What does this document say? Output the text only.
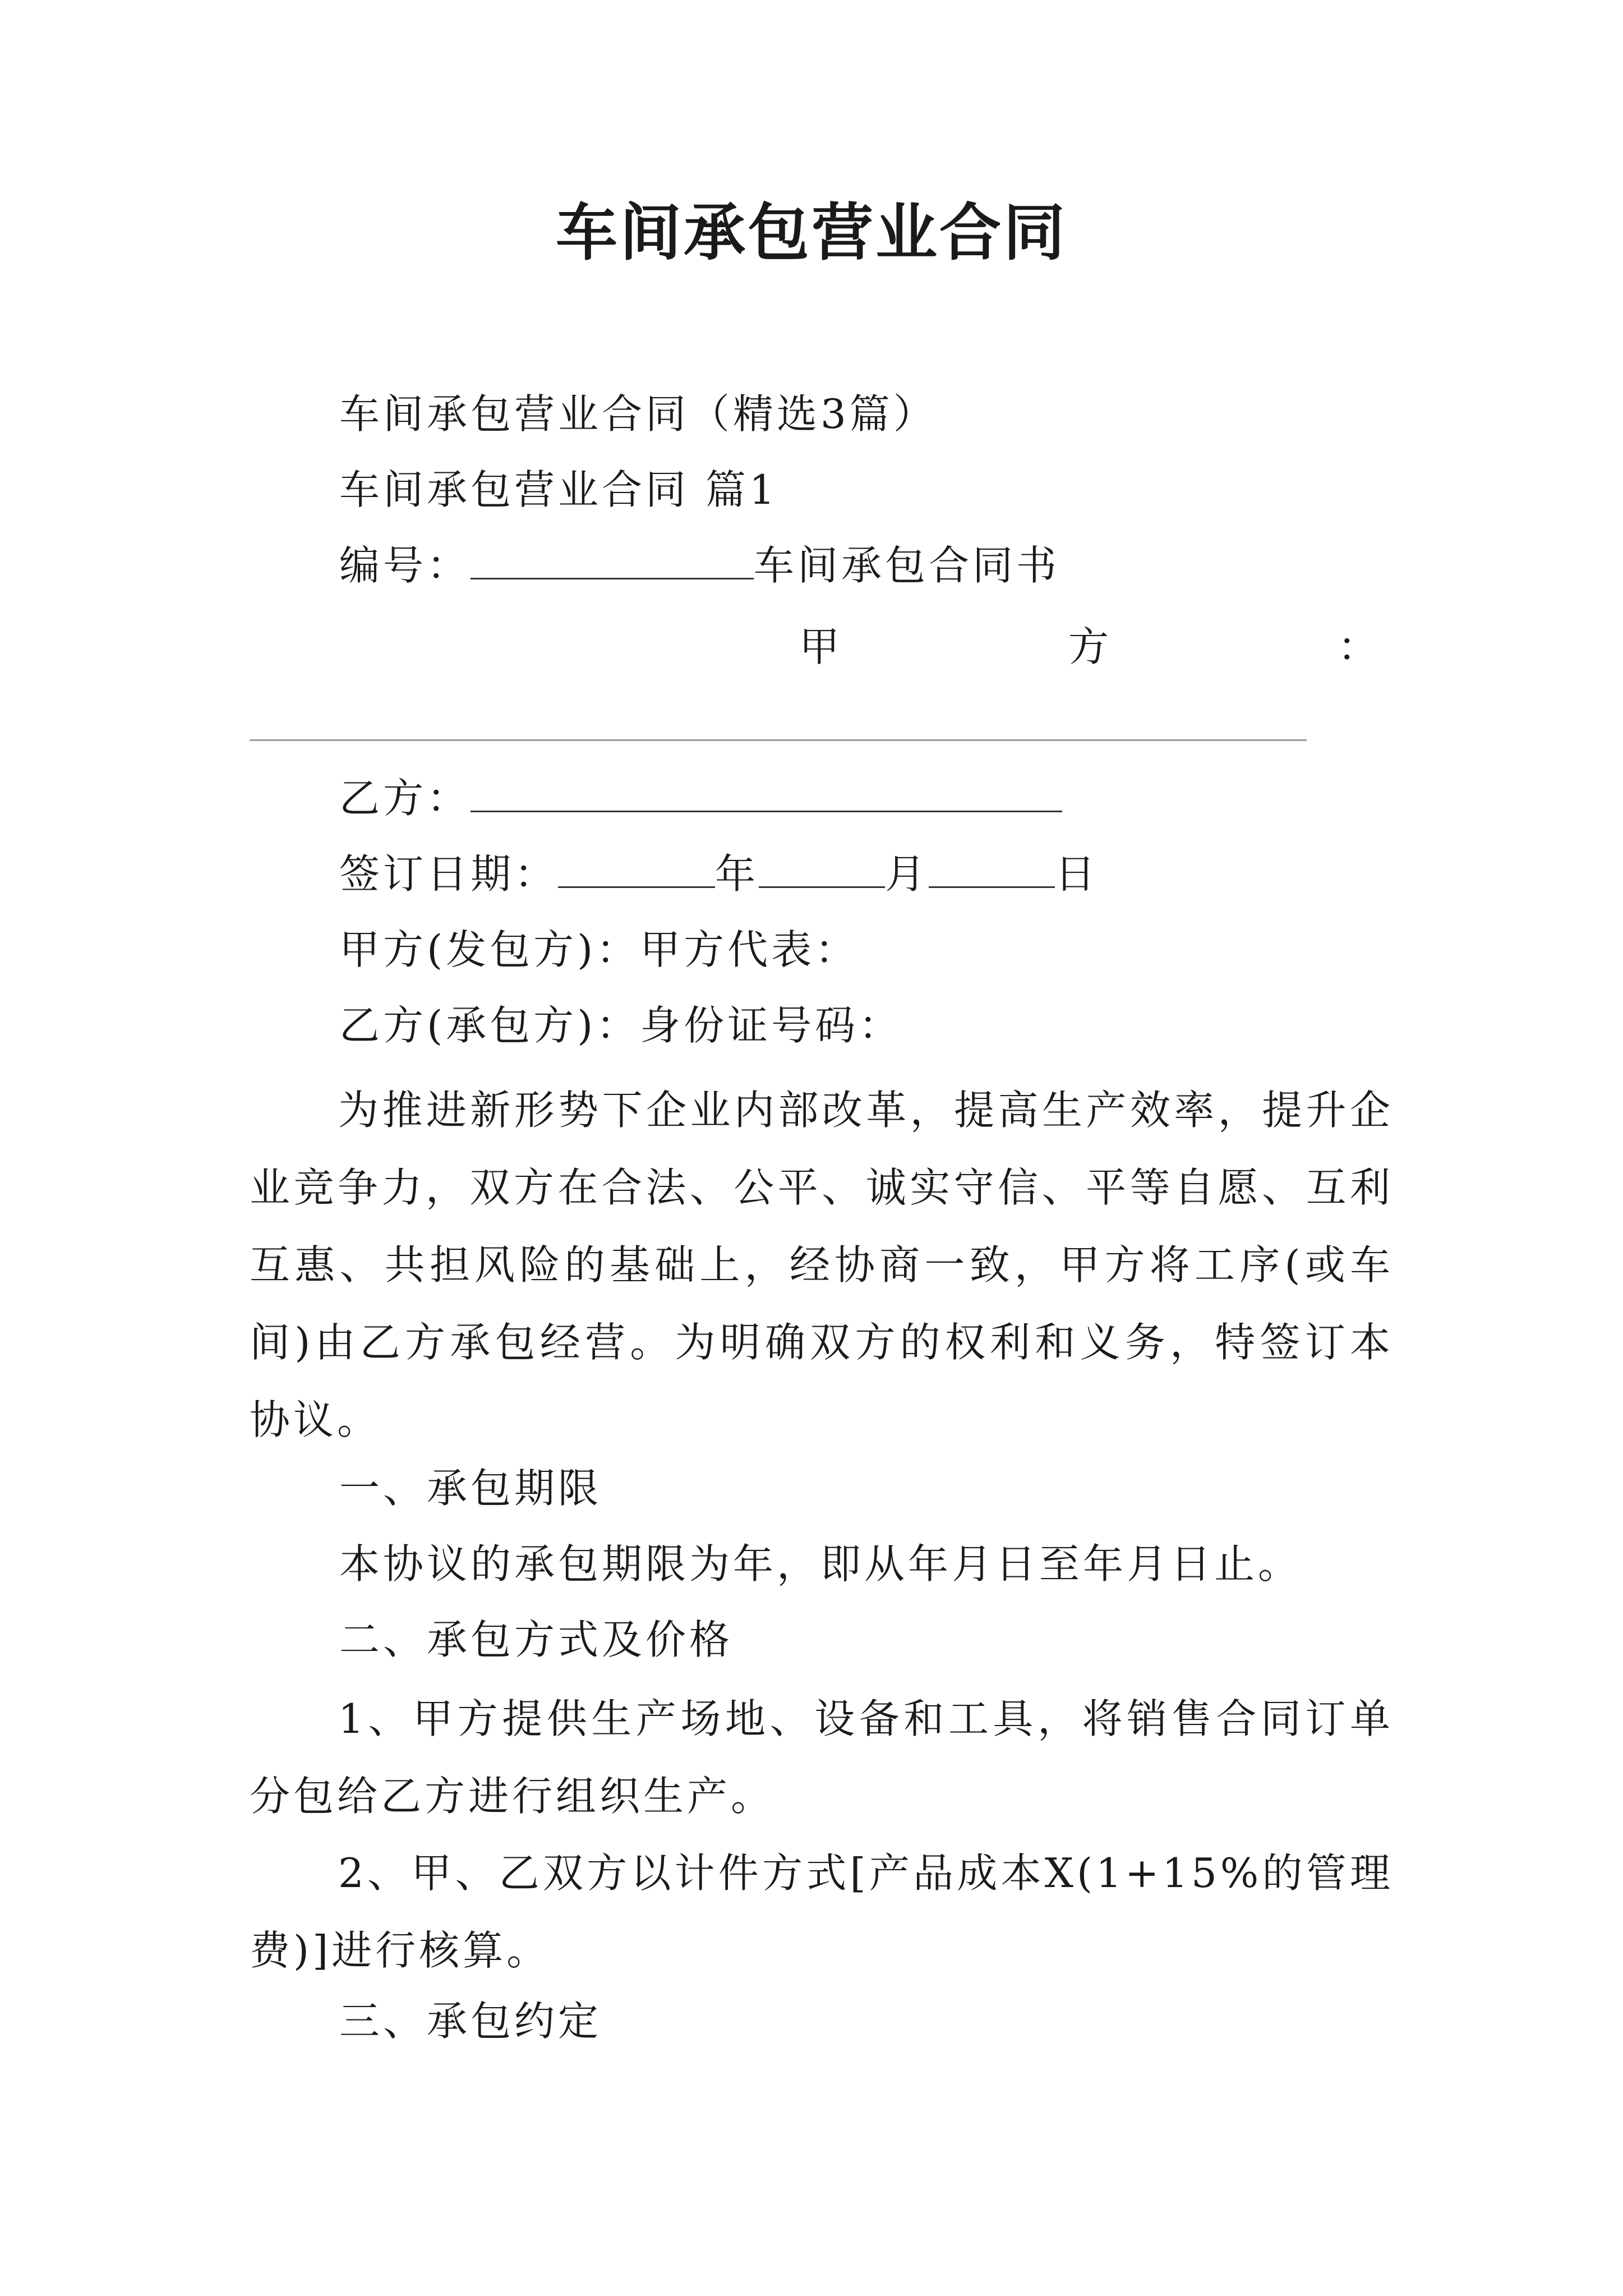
车间承包营业合同
车间承包营业合同（精选3篇）
车间承包营业合同 篇1
编号：	车间承包合同书
甲	方	：
乙方：
签订日期：	年	月	日
甲方(发包方)：甲方代表：
乙方(承包方)：身份证号码：
为推进新形势下企业内部改革，提高生产效率，提升企业竞争力，双方在合法、公平、诚实守信、平等自愿、互利互惠、共担风险的基础上，经协商一致，甲方将工序(或车间)由乙方承包经营。为明确双方的权利和义务，特签订本协议。
一、承包期限
本协议的承包期限为年，即从年月日至年月日止。
二、承包方式及价格
1、甲方提供生产场地、设备和工具，将销售合同订单分包给乙方进行组织生产。
2、甲、乙双方以计件方式[产品成本X(1+15%的管理费)]进行核算。
三、承包约定
